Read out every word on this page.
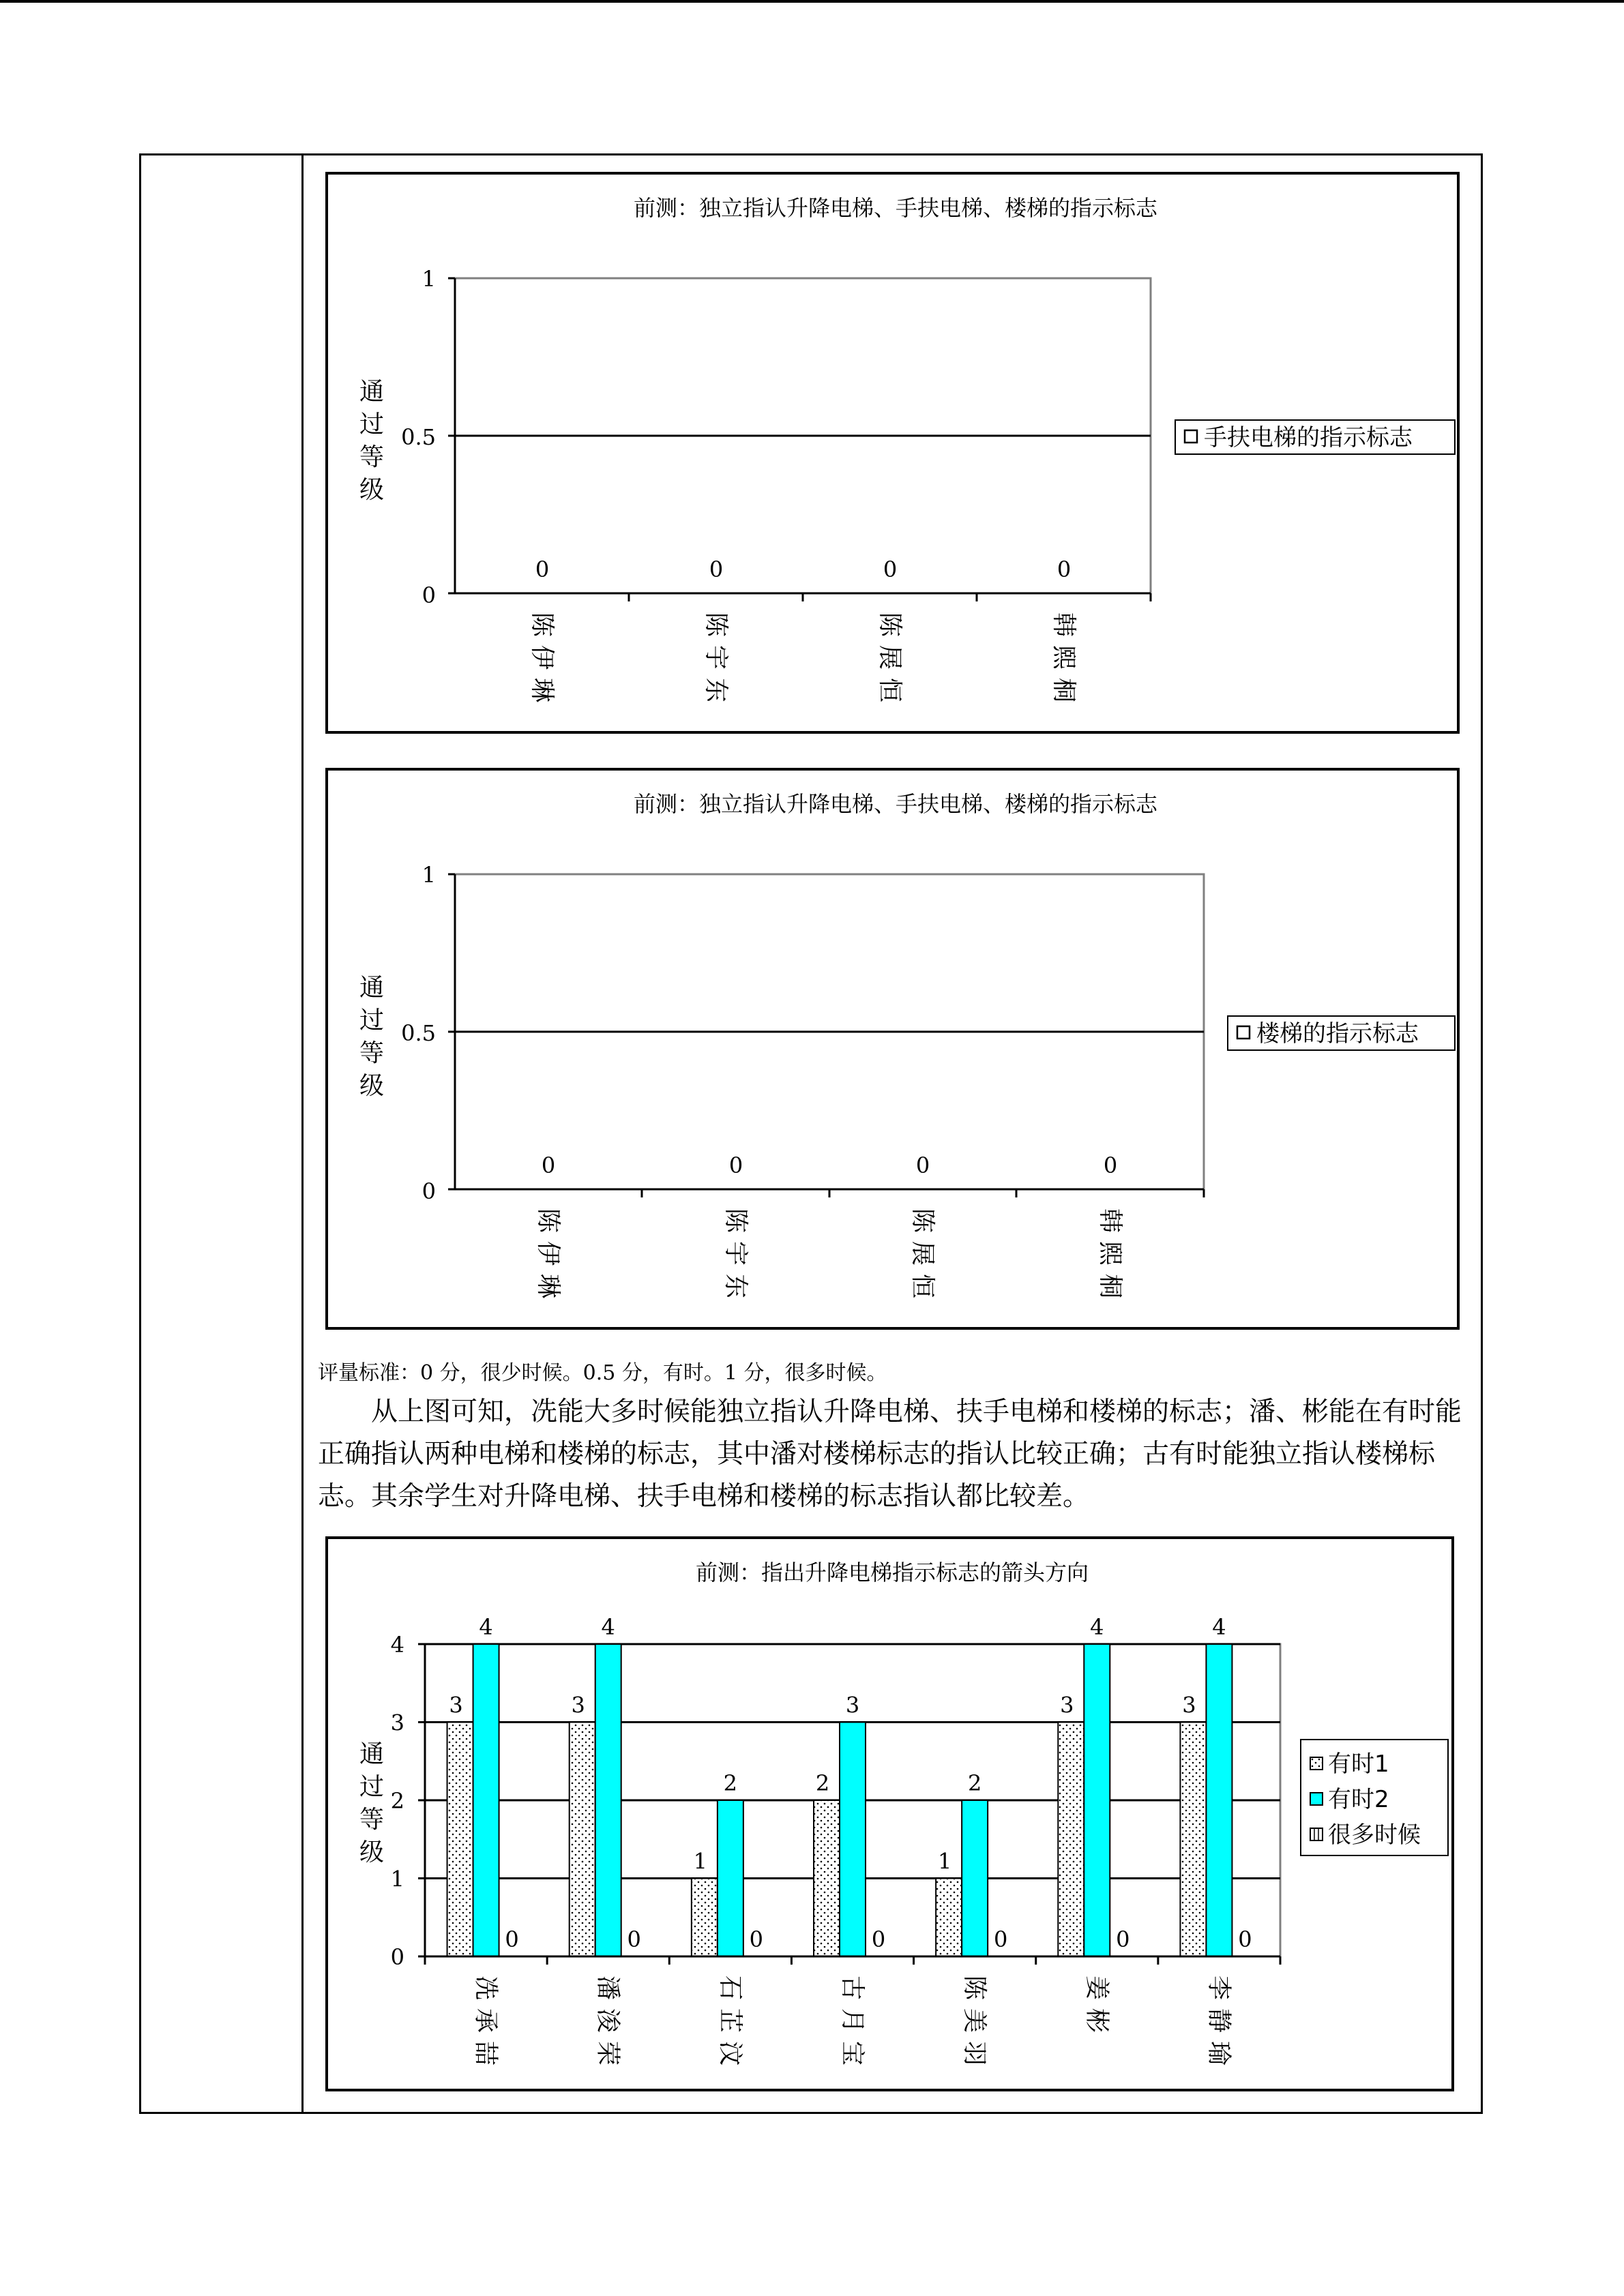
前测：独立指认升降电梯、手扶电梯、楼梯的指示标志
通
过
等
级
1
0.5
0
0	0	0	0
陈
伊
琳
陈
宇
东
陈
展
恒
韩
熙
桐
手扶电梯的指示标志
前测：独立指认升降电梯、手扶电梯、楼梯的指示标志
通
过
等
级
1
0.5
0
0	0	0	0
陈
伊
琳
陈
宇
东
陈
展
恒
韩
熙
桐
楼梯的指示标志
评量标准：0 分，很少时候。0.5 分，有时。1 分，很多时候。

从上图可知，冼能大多时候能独立指认升降电梯、扶手电梯和楼梯的标志；潘、彬能在有时能正确指认两种电梯和楼梯的标志，其中潘对楼梯标志的指认比较正确；古有时能独立指认楼梯标志。其余学生对升降电梯、扶手电梯和楼梯的标志指认都比较差。

前测：指出升降电梯指示标志的箭头方向
通
过
等
级
3
4
0
3
4
0
1
2
0
2
3
0
1
2
0
3
4
0
3
4
0
0
1
2
3
4
冼
承
喆
潘
浚
荣
石
芷
汶
古
月
宝
陈
美
羽
姜
彬
李
静
瑜
有时1
有时2
很多时候
